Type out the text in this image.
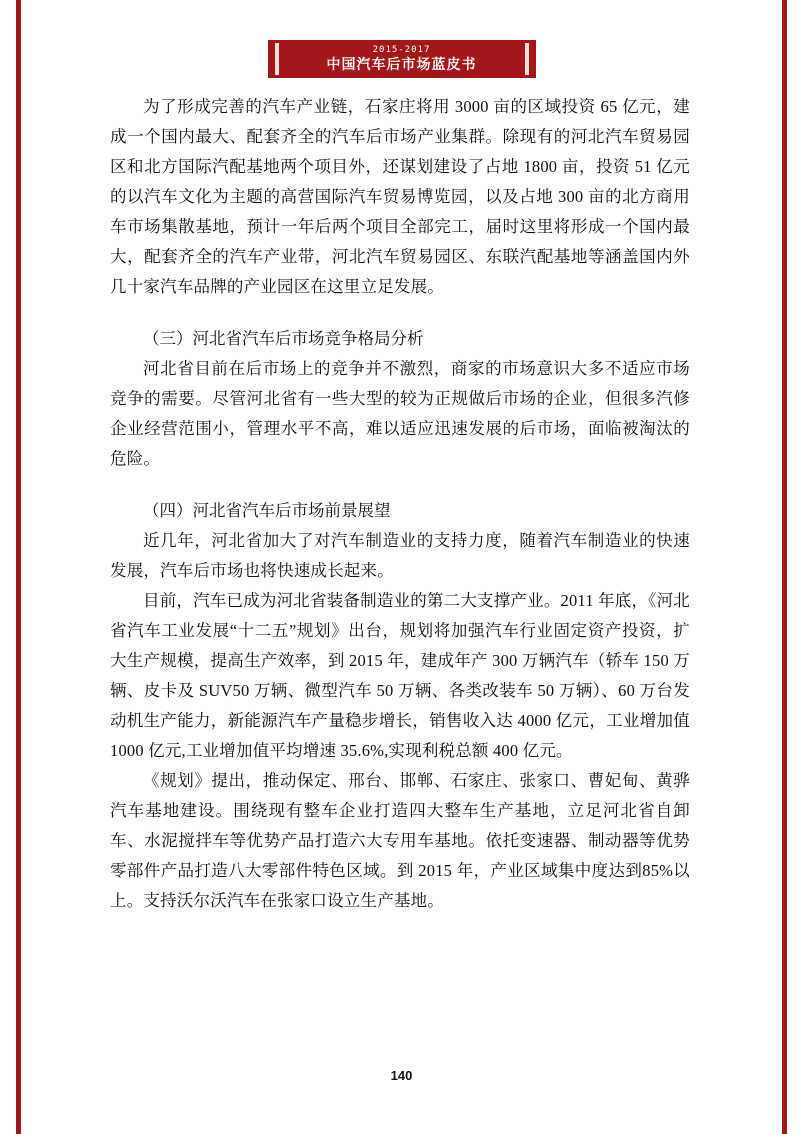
2015-2017
中国汽车后市场蓝皮书

为了形成完善的汽车产业链，石家庄将用 3000 亩的区域投资 65 亿元，建成一个国内最大、配套齐全的汽车后市场产业集群。除现有的河北汽车贸易园区和北方国际汽配基地两个项目外，还谋划建设了占地 1800 亩，投资 51 亿元的以汽车文化为主题的高营国际汽车贸易博览园，以及占地 300 亩的北方商用车市场集散基地，预计一年后两个项目全部完工，届时这里将形成一个国内最大，配套齐全的汽车产业带，河北汽车贸易园区、东联汽配基地等涵盖国内外几十家汽车品牌的产业园区在这里立足发展。

（三）河北省汽车后市场竞争格局分析

河北省目前在后市场上的竞争并不激烈，商家的市场意识大多不适应市场竞争的需要。尽管河北省有一些大型的较为正规做后市场的企业，但很多汽修企业经营范围小，管理水平不高，难以适应迅速发展的后市场，面临被淘汰的危险。

（四）河北省汽车后市场前景展望

近几年，河北省加大了对汽车制造业的支持力度，随着汽车制造业的快速发展，汽车后市场也将快速成长起来。

目前，汽车已成为河北省装备制造业的第二大支撑产业。2011 年底，《河北省汽车工业发展“十二五”规划》出台，规划将加强汽车行业固定资产投资，扩大生产规模，提高生产效率，到 2015 年，建成年产 300 万辆汽车（轿车 150 万辆、皮卡及 SUV50 万辆、微型汽车 50 万辆、各类改装车 50 万辆）、60 万台发动机生产能力，新能源汽车产量稳步增长，销售收入达 4000 亿元，工业增加值1000 亿元,工业增加值平均增速 35.6%,实现利税总额 400 亿元。

《规划》提出，推动保定、邢台、邯郸、石家庄、张家口、曹妃甸、黄骅汽车基地建设。围绕现有整车企业打造四大整车生产基地，立足河北省自卸车、水泥搅拌车等优势产品打造六大专用车基地。依托变速器、制动器等优势零部件产品打造八大零部件特色区域。到 2015 年，产业区域集中度达到85%以上。支持沃尔沃汽车在张家口设立生产基地。

140
